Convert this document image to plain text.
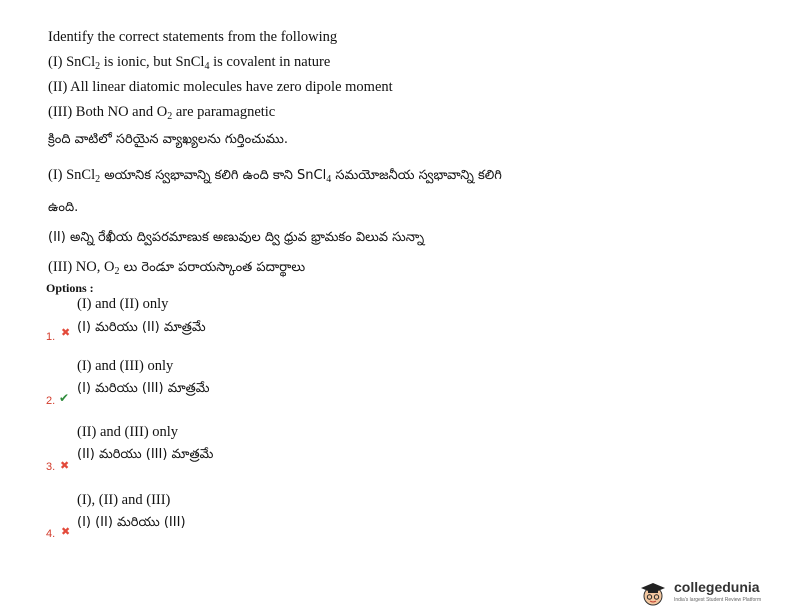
Identify the correct statements from the following
(I) SnCl$_2$ is ionic, but SnCl$_4$ is covalent in nature
(II) All linear diatomic molecules have zero dipole moment
(III) Both NO and $O_2$ are paramagnetic
క్రింది వాటిలో సరియైన వ్యాఖ్యలను గుర్తించుము.
(I) SnCl$_2$ అయానిక స్వభావాన్ని కలిగి ఉంది కాని SnCl$_4$ సమయోజనీయ స్వభావాన్ని కలిగి
ఉంది.
(II) అన్ని రేఖీయ ద్విపరమాణుక అణువుల ద్వి ధ్రువ భ్రామకం విలువ సున్నా
(III) NO, $O_2$ లు రెండూ పరాయస్కాంత పదార్థాలు
Options :
(I) and (II) only
1. ✖ (I) మరియు (II) మాత్రమే
(I) and (III) only
2. ✔
(I) మరియు (III) మాత్రమే
(II) and (III) only
3. ✖
(II) మరియు (III) మాత్రమే
(I), (II) and (III)
4. ✖
(I) (II) మరియు (III)
collegedunia
India's largest Student Review Platform
